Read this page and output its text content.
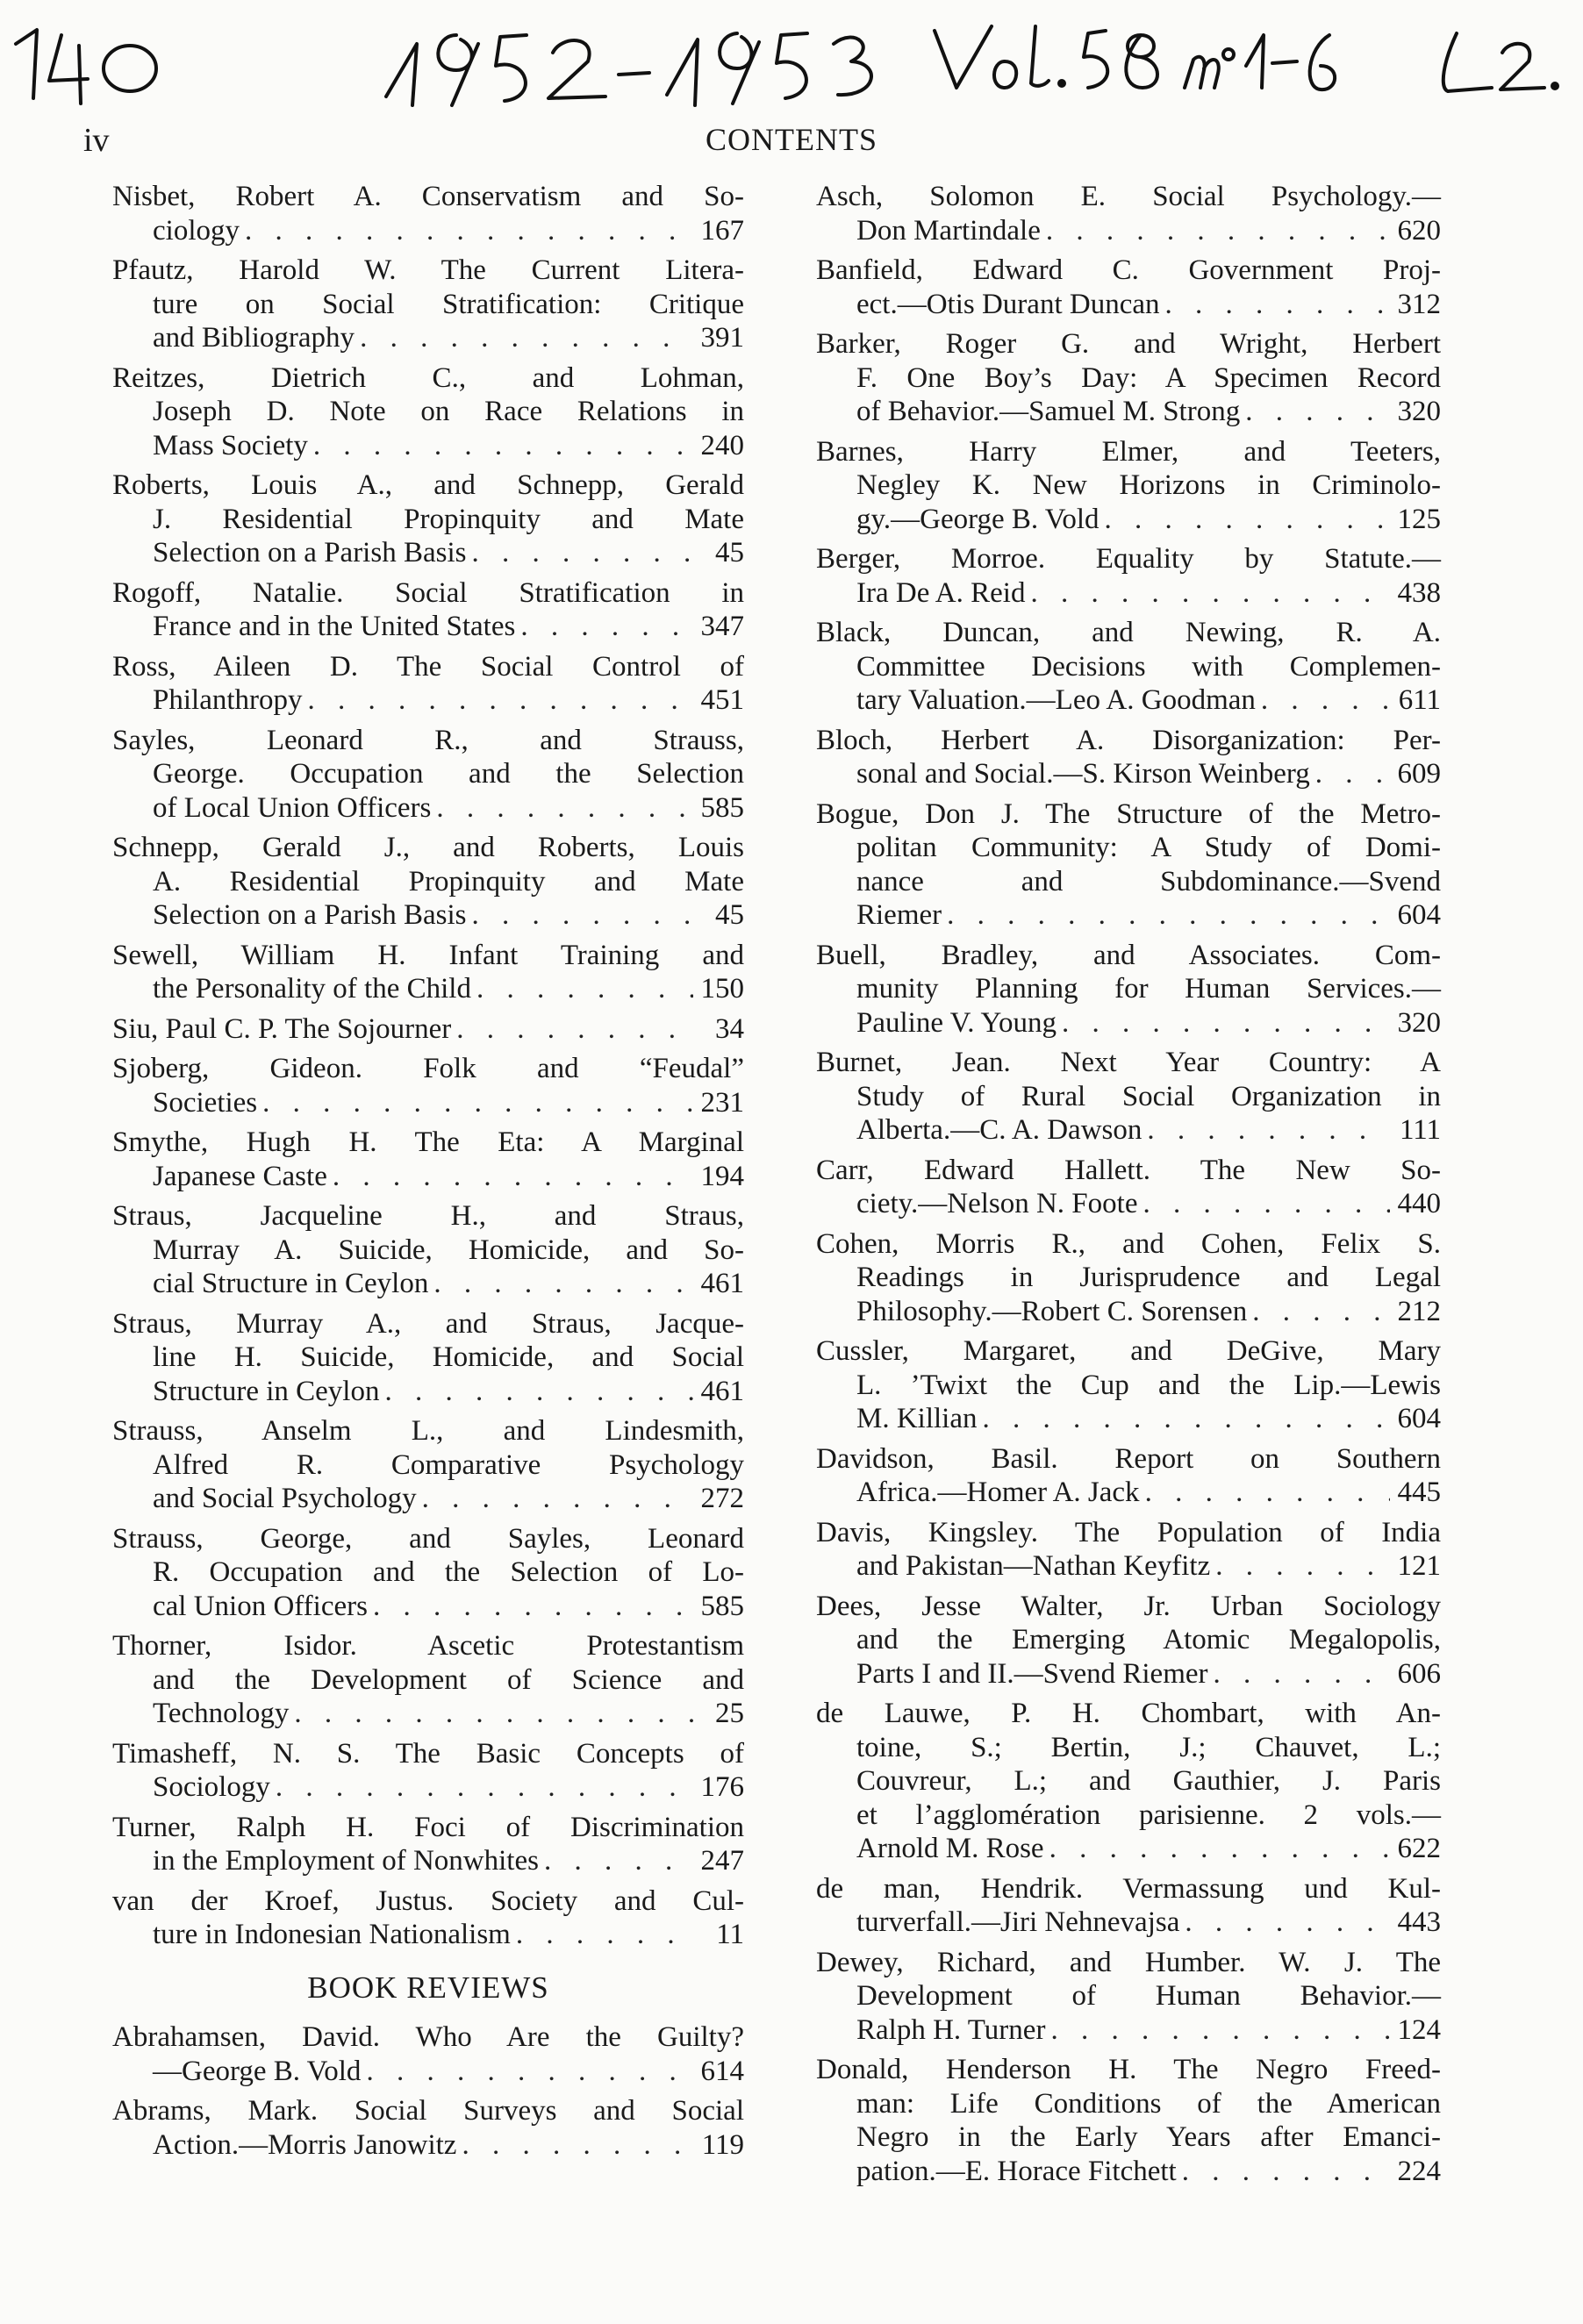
iv	CONTENTS
Nisbet, Robert A. Conservatism and So-
ciology . . .	167
Pfautz, Harold W. The Current Litera-
ture on Social Stratification: Critique
and Bibliography . . .	391
Reitzes, Dietrich C., and Lohman,
Joseph D. Note on Race Relations in
Mass Society . . .	240
Roberts, Louis A., and Schnepp, Gerald
J. Residential Propinquity and Mate
Selection on a Parish Basis . . .	45
Rogoff, Natalie. Social Stratification in
France and in the United States . . .	347
Ross, Aileen D. The Social Control of
Philanthropy . . .	451
Sayles, Leonard R., and Strauss,
George. Occupation and the Selection
of Local Union Officers . . .	585
Schnepp, Gerald J., and Roberts, Louis
A. Residential Propinquity and Mate
Selection on a Parish Basis . . .	45
Sewell, William H. Infant Training and
the Personality of the Child . . .	150
Siu, Paul C. P. The Sojourner . . .	34
Sjoberg, Gideon. Folk and “Feudal”
Societies . . .	231
Smythe, Hugh H. The Eta: A Marginal
Japanese Caste . . .	194
Straus, Jacqueline H., and Straus,
Murray A. Suicide, Homicide, and So-
cial Structure in Ceylon . . .	461
Straus, Murray A., and Straus, Jacque-
line H. Suicide, Homicide, and Social
Structure in Ceylon . . .	461
Strauss, Anselm L., and Lindesmith,
Alfred R. Comparative Psychology
and Social Psychology . . .	272
Strauss, George, and Sayles, Leonard
R. Occupation and the Selection of Lo-
cal Union Officers . . .	585
Thorner, Isidor. Ascetic Protestantism
and the Development of Science and
Technology . . .	25
Timasheff, N. S. The Basic Concepts of
Sociology . . .	176
Turner, Ralph H. Foci of Discrimination
in the Employment of Nonwhites . . .	247
van der Kroef, Justus. Society and Cul-
ture in Indonesian Nationalism . . .	11
BOOK REVIEWS
Abrahamsen, David. Who Are the Guilty?
—George B. Vold . . .	614
Abrams, Mark. Social Surveys and Social
Action.—Morris Janowitz . . .	119
Asch, Solomon E. Social Psychology.—
Don Martindale . . .	620
Banfield, Edward C. Government Proj-
ect.—Otis Durant Duncan . . .	312
Barker, Roger G. and Wright, Herbert
F. One Boy’s Day: A Specimen Record
of Behavior.—Samuel M. Strong . . .	320
Barnes, Harry Elmer, and Teeters,
Negley K. New Horizons in Criminolo-
gy.—George B. Vold . . .	125
Berger, Morroe. Equality by Statute.—
Ira De A. Reid . . .	438
Black, Duncan, and Newing, R. A.
Committee Decisions with Complemen-
tary Valuation.—Leo A. Goodman . . .	611
Bloch, Herbert A. Disorganization: Per-
sonal and Social.—S. Kirson Weinberg . . .	609
Bogue, Don J. The Structure of the Metro-
politan Community: A Study of Domi-
nance and Subdominance.—Svend
Riemer . . .	604
Buell, Bradley, and Associates. Com-
munity Planning for Human Services.—
Pauline V. Young . . .	320
Burnet, Jean. Next Year Country: A
Study of Rural Social Organization in
Alberta.—C. A. Dawson . . .	111
Carr, Edward Hallett. The New So-
ciety.—Nelson N. Foote . . .	440
Cohen, Morris R., and Cohen, Felix S.
Readings in Jurisprudence and Legal
Philosophy.—Robert C. Sorensen . . .	212
Cussler, Margaret, and DeGive, Mary
L. ’Twixt the Cup and the Lip.—Lewis
M. Killian . . .	604
Davidson, Basil. Report on Southern
Africa.—Homer A. Jack . . .	445
Davis, Kingsley. The Population of India
and Pakistan—Nathan Keyfitz . . .	121
Dees, Jesse Walter, Jr. Urban Sociology
and the Emerging Atomic Megalopolis,
Parts I and II.—Svend Riemer . . .	606
de Lauwe, P. H. Chombart, with An-
toine, S.; Bertin, J.; Chauvet, L.;
Couvreur, L.; and Gauthier, J. Paris
et l’agglomération parisienne. 2 vols.—
Arnold M. Rose . . .	622
de man, Hendrik. Vermassung und Kul-
turverfall.—Jiri Nehnevajsa . . .	443
Dewey, Richard, and Humber. W. J. The
Development of Human Behavior.—
Ralph H. Turner . . .	124
Donald, Henderson H. The Negro Freed-
man: Life Conditions of the American
Negro in the Early Years after Emanci-
pation.—E. Horace Fitchett . . .	224
